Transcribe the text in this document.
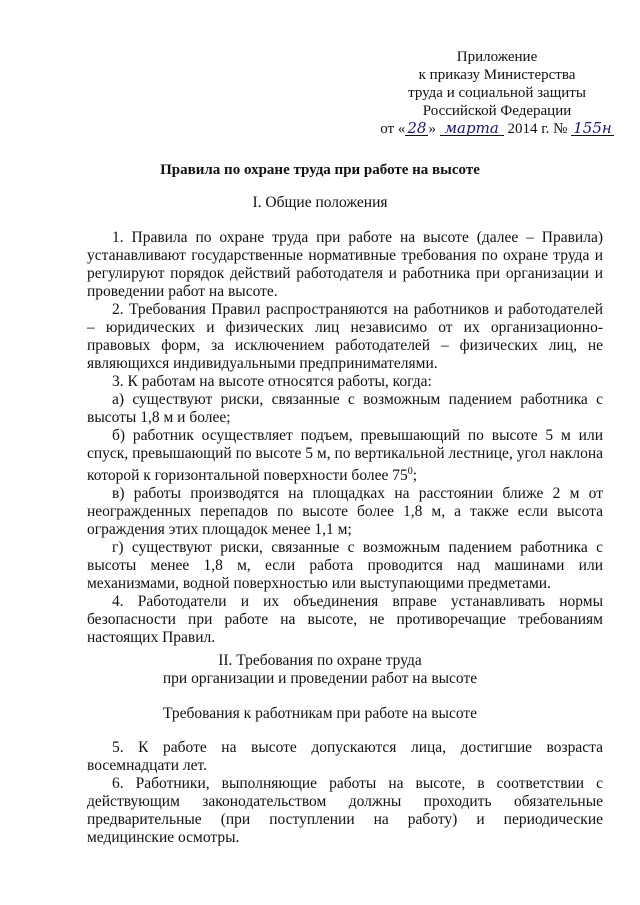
Приложение
к приказу Министерства
труда и социальной защиты
Российской Федерации
от « 28 » марта 2014 г. № 155н
Правила по охране труда при работе на высоте
I. Общие положения

1. Правила по охране труда при работе на высоте (далее – Правила) устанавливают государственные нормативные требования по охране труда и регулируют порядок действий работодателя и работника при организации и проведении работ на высоте.

2. Требования Правил распространяются на работников и работодателей – юридических и физических лиц независимо от их организационно-правовых форм, за исключением работодателей – физических лиц, не являющихся индивидуальными предпринимателями.

3. К работам на высоте относятся работы, когда:

а) существуют риски, связанные с возможным падением работника с высоты 1,8 м и более;

б) работник осуществляет подъем, превышающий по высоте 5 м или спуск, превышающий по высоте 5 м, по вертикальной лестнице, угол наклона которой к горизонтальной поверхности более $75^0$;

в) работы производятся на площадках на расстоянии ближе 2 м от неогражденных перепадов по высоте более 1,8 м, а также если высота ограждения этих площадок менее 1,1 м;

г) существуют риски, связанные с возможным падением работника с высоты менее 1,8 м, если работа проводится над машинами или механизмами, водной поверхностью или выступающими предметами.

4. Работодатели и их объединения вправе устанавливать нормы безопасности при работе на высоте, не противоречащие требованиям настоящих Правил.

II. Требования по охране труда
при организации и проведении работ на высоте
Требования к работникам при работе на высоте

5. К работе на высоте допускаются лица, достигшие возраста восемнадцати лет.

6. Работники, выполняющие работы на высоте, в соответствии с действующим законодательством должны проходить обязательные предварительные (при поступлении на работу) и периодические медицинские осмотры.
